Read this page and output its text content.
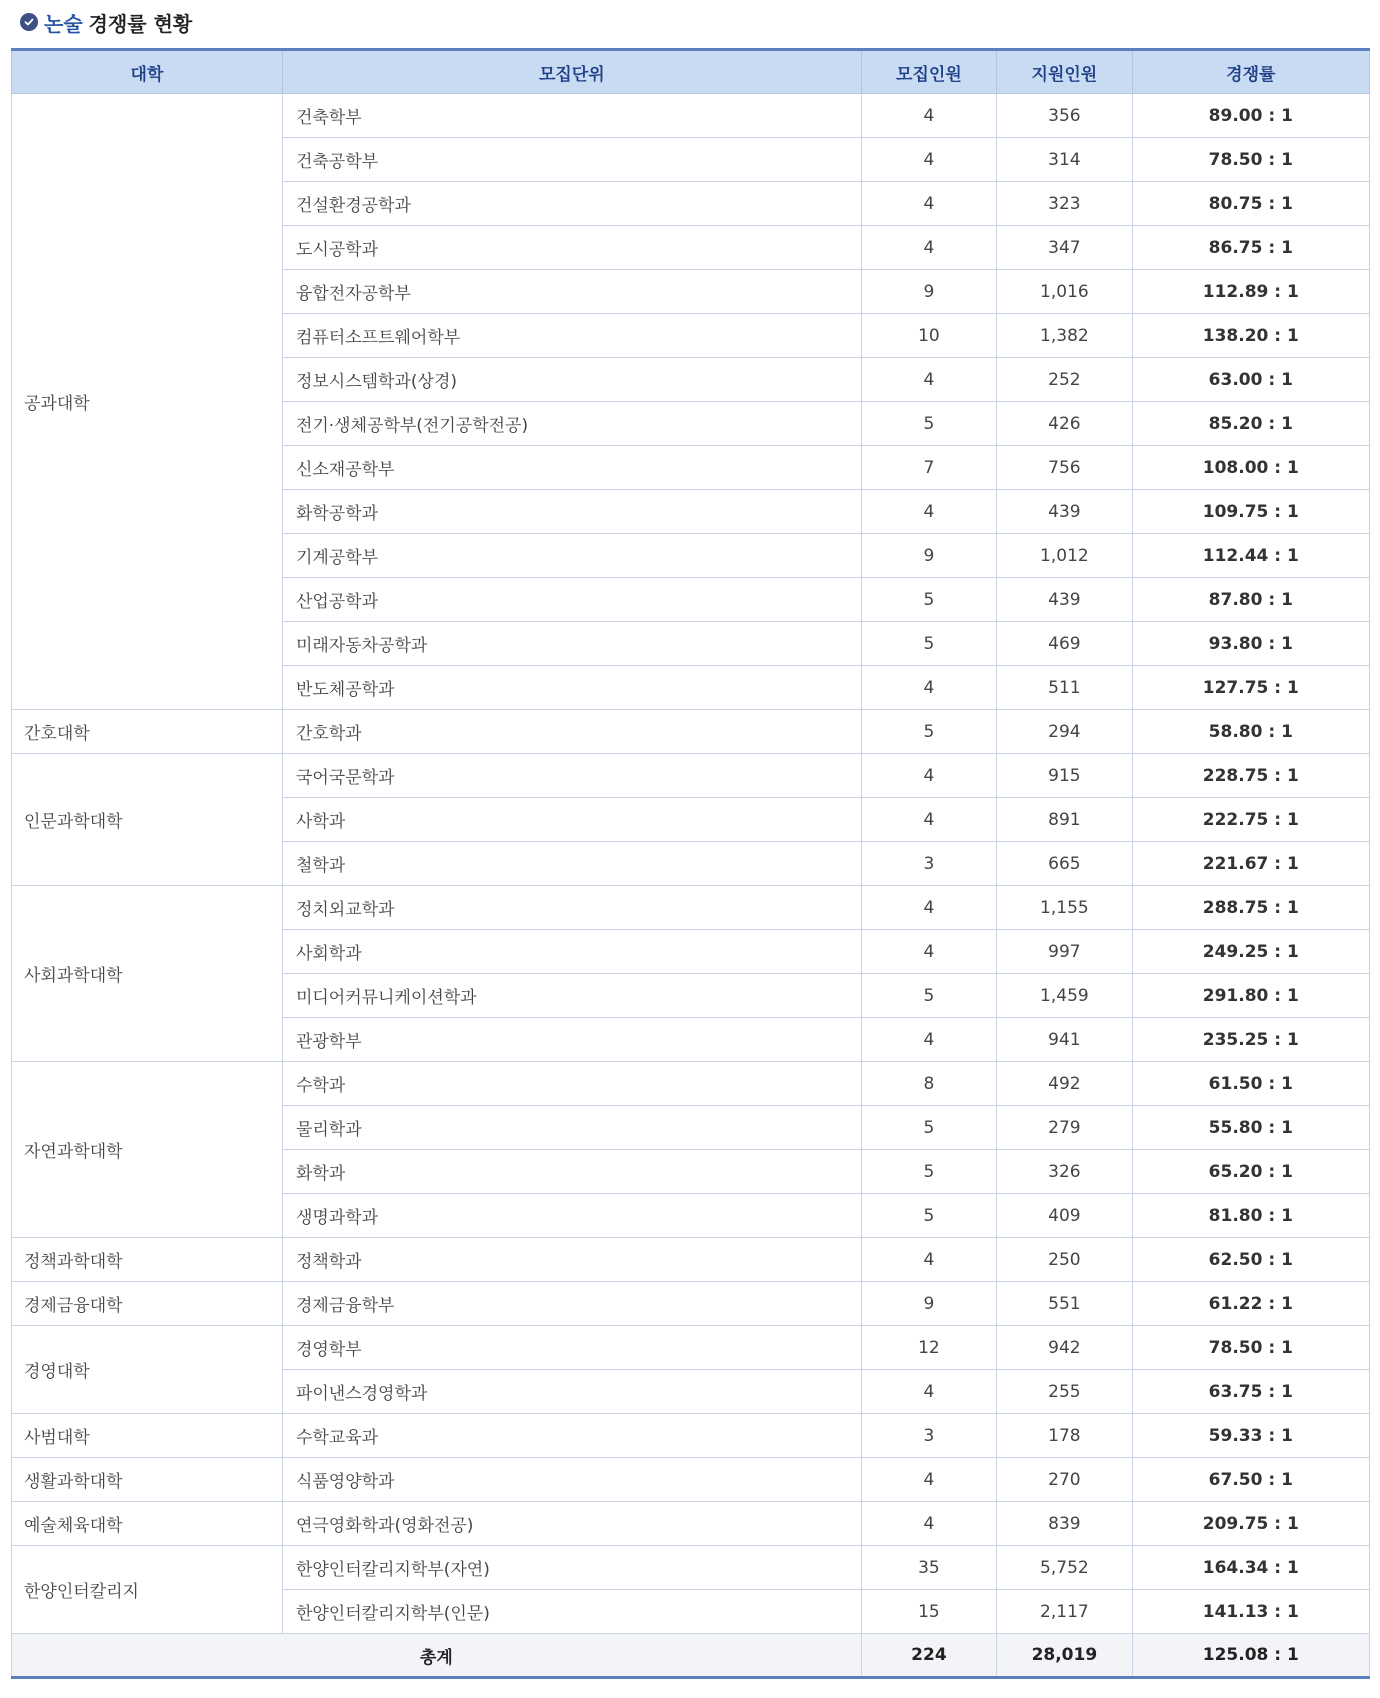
논술 경쟁률 현황
대학	모집단위	모집인원	지원인원	경쟁률
공과대학	건축학부	4	356	89.00 : 1
	건축공학부	4	314	78.50 : 1
	건설환경공학과	4	323	80.75 : 1
	도시공학과	4	347	86.75 : 1
	융합전자공학부	9	1,016	112.89 : 1
	컴퓨터소프트웨어학부	10	1,382	138.20 : 1
	정보시스템학과(상경)	4	252	63.00 : 1
	전기·생체공학부(전기공학전공)	5	426	85.20 : 1
	신소재공학부	7	756	108.00 : 1
	화학공학과	4	439	109.75 : 1
	기계공학부	9	1,012	112.44 : 1
	산업공학과	5	439	87.80 : 1
	미래자동차공학과	5	469	93.80 : 1
	반도체공학과	4	511	127.75 : 1
간호대학	간호학과	5	294	58.80 : 1
인문과학대학	국어국문학과	4	915	228.75 : 1
	사학과	4	891	222.75 : 1
	철학과	3	665	221.67 : 1
사회과학대학	정치외교학과	4	1,155	288.75 : 1
	사회학과	4	997	249.25 : 1
	미디어커뮤니케이션학과	5	1,459	291.80 : 1
	관광학부	4	941	235.25 : 1
자연과학대학	수학과	8	492	61.50 : 1
	물리학과	5	279	55.80 : 1
	화학과	5	326	65.20 : 1
	생명과학과	5	409	81.80 : 1
정책과학대학	정책학과	4	250	62.50 : 1
경제금융대학	경제금융학부	9	551	61.22 : 1
경영대학	경영학부	12	942	78.50 : 1
	파이낸스경영학과	4	255	63.75 : 1
사범대학	수학교육과	3	178	59.33 : 1
생활과학대학	식품영양학과	4	270	67.50 : 1
예술체육대학	연극영화학과(영화전공)	4	839	209.75 : 1
한양인터칼리지	한양인터칼리지학부(자연)	35	5,752	164.34 : 1
	한양인터칼리지학부(인문)	15	2,117	141.13 : 1
총계		224	28,019	125.08 : 1
